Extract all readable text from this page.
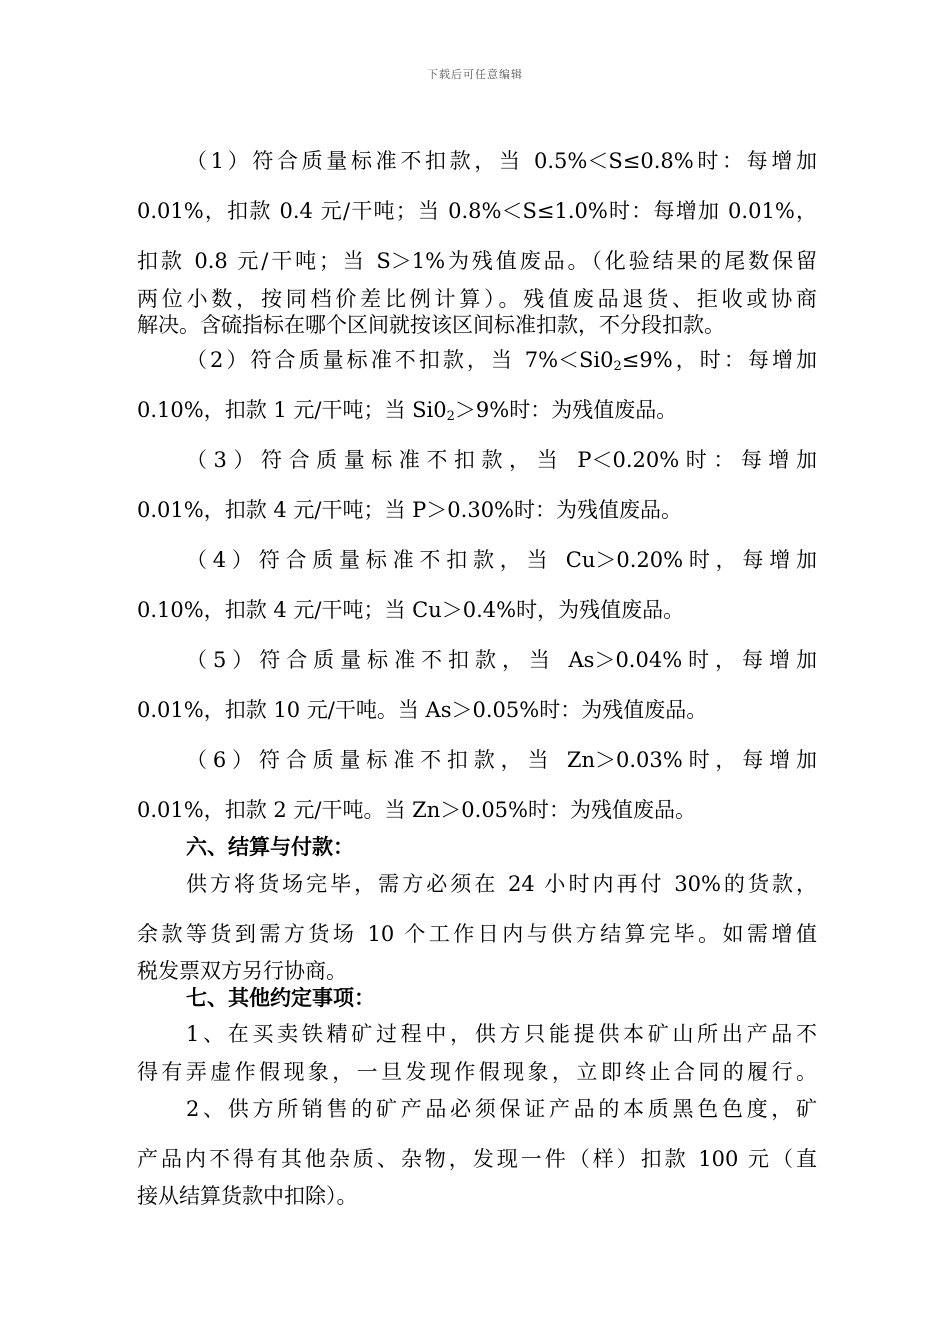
下载后可任意编辑
（1）符合质量标准不扣款，当 0.5%＜S≤0.8%时：每增加
0.01%，扣款 0.4 元/干吨；当 0.8%＜S≤1.0%时：每增加 0.01%，
扣款 0.8 元/干吨；当 S＞1%为残值废品。（化验结果的尾数保留
两位小数，按同档价差比例计算）。残值废品退货、拒收或协商
解决。含硫指标在哪个区间就按该区间标准扣款，不分段扣款。
（2）符合质量标准不扣款，当 $7\%<Si0_2\le 9\%$，时：每增加
0.10%，扣款 1 元/干吨；当 $Si0_2>9\%$时：为残值废品。
（3）符合质量标准不扣款，当 P＜0.20%时：每增加
0.01%，扣款 4 元/干吨；当 P＞0.30%时：为残值废品。
（4）符合质量标准不扣款，当 Cu＞0.20%时，每增加
0.10%，扣款 4 元/干吨；当 Cu＞0.4%时，为残值废品。
（5）符合质量标准不扣款，当 As＞0.04%时，每增加
0.01%，扣款 10 元/干吨。当 As＞0.05%时：为残值废品。
（6）符合质量标准不扣款，当 Zn＞0.03%时，每增加
0.01%，扣款 2 元/干吨。当 Zn＞0.05%时：为残值废品。
六、结算与付款：
供方将货场完毕，需方必须在 24 小时内再付 30%的货款，
余款等货到需方货场 10 个工作日内与供方结算完毕。如需增值
税发票双方另行协商。
七、其他约定事项：
1、在买卖铁精矿过程中，供方只能提供本矿山所出产品不
得有弄虚作假现象，一旦发现作假现象，立即终止合同的履行。
2、供方所销售的矿产品必须保证产品的本质黑色色度，矿
产品内不得有其他杂质、杂物，发现一件（样）扣款 100 元（直
接从结算货款中扣除）。
